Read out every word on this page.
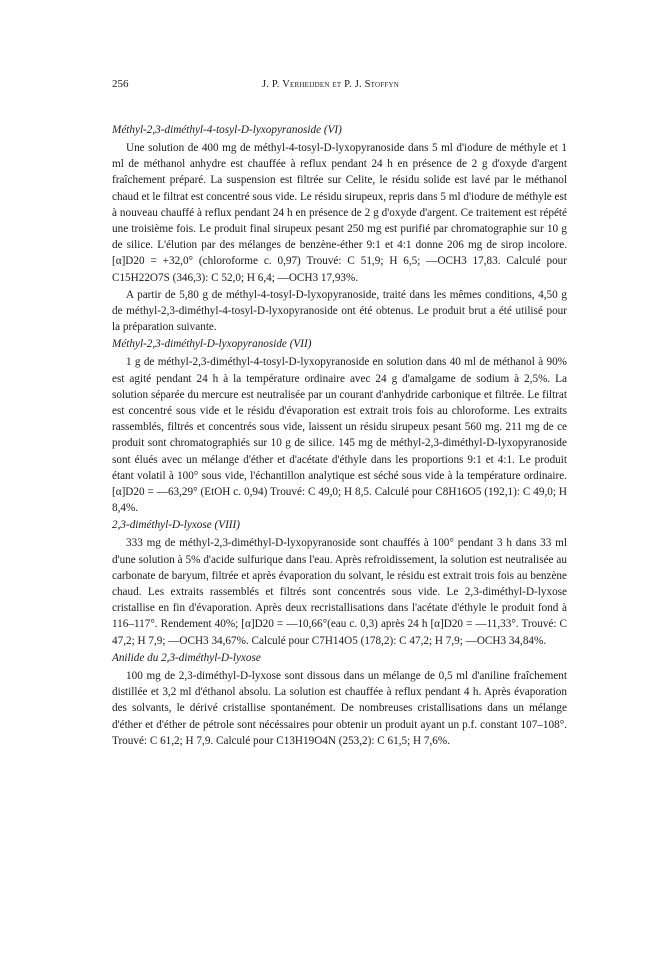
256	J. P. Verheijden et P. J. Stoffyn
Méthyl-2,3-diméthyl-4-tosyl-D-lyxopyranoside (VI)

Une solution de 400 mg de méthyl-4-tosyl-D-lyxopyranoside dans 5 ml d'iodure de méthyle et 1 ml de méthanol anhydre est chauffée à reflux pendant 24 h en présence de 2 g d'oxyde d'argent fraîchement préparé. La suspension est filtrée sur Celite, le résidu solide est lavé par le méthanol chaud et le filtrat est concentré sous vide. Le résidu sirupeux, repris dans 5 ml d'iodure de méthyle est à nouveau chauffé à reflux pendant 24 h en présence de 2 g d'oxyde d'argent. Ce traitement est répété une troisième fois. Le produit final sirupeux pesant 250 mg est purifié par chromatographie sur 10 g de silice. L'élution par des mélanges de benzène-éther 9:1 et 4:1 donne 206 mg de sirop incolore. [α]D20 = +32,0° (chloroforme c. 0,97) Trouvé: C 51,9; H 6,5; —OCH3 17,83. Calculé pour C15H22O7S (346,3): C 52,0; H 6,4; —OCH3 17,93%.

A partir de 5,80 g de méthyl-4-tosyl-D-lyxopyranoside, traité dans les mêmes conditions, 4,50 g de méthyl-2,3-diméthyl-4-tosyl-D-lyxopyranoside ont été obtenus. Le produit brut a été utilisé pour la préparation suivante.

Méthyl-2,3-diméthyl-D-lyxopyranoside (VII)

1 g de méthyl-2,3-diméthyl-4-tosyl-D-lyxopyranoside en solution dans 40 ml de méthanol à 90% est agité pendant 24 h à la température ordinaire avec 24 g d'amalgame de sodium à 2,5%. La solution séparée du mercure est neutralisée par un courant d'anhydride carbonique et filtrée. Le filtrat est concentré sous vide et le résidu d'évaporation est extrait trois fois au chloroforme. Les extraits rassemblés, filtrés et concentrés sous vide, laissent un résidu sirupeux pesant 560 mg. 211 mg de ce produit sont chromatographiés sur 10 g de silice. 145 mg de méthyl-2,3-diméthyl-D-lyxopyranoside sont élués avec un mélange d'éther et d'acétate d'éthyle dans les proportions 9:1 et 4:1. Le produit étant volatil à 100° sous vide, l'échantillon analytique est séché sous vide à la température ordinaire. [α]D20 = —63,29° (EtOH c. 0,94) Trouvé: C 49,0; H 8,5. Calculé pour C8H16O5 (192,1): C 49,0; H 8,4%.

2,3-diméthyl-D-lyxose (VIII)

333 mg de méthyl-2,3-diméthyl-D-lyxopyranoside sont chauffés à 100° pendant 3 h dans 33 ml d'une solution à 5% d'acide sulfurique dans l'eau. Après refroidissement, la solution est neutralisée au carbonate de baryum, filtrée et après évaporation du solvant, le résidu est extrait trois fois au benzène chaud. Les extraits rassemblés et filtrés sont concentrés sous vide. Le 2,3-diméthyl-D-lyxose cristallise en fin d'évaporation. Après deux recristallisations dans l'acétate d'éthyle le produit fond à 116–117°. Rendement 40%; [α]D20 = —10,66°(eau c. 0,3) après 24 h [α]D20 = —11,33°. Trouvé: C 47,2; H 7,9; —OCH3 34,67%. Calculé pour C7H14O5 (178,2): C 47,2; H 7,9; —OCH3 34,84%.

Anilide du 2,3-diméthyl-D-lyxose

100 mg de 2,3-diméthyl-D-lyxose sont dissous dans un mélange de 0,5 ml d'aniline fraîchement distillée et 3,2 ml d'éthanol absolu. La solution est chauffée à reflux pendant 4 h. Après évaporation des solvants, le dérivé cristallise spontanément. De nombreuses cristallisations dans un mélange d'éther et d'éther de pétrole sont nécéssaires pour obtenir un produit ayant un p.f. constant 107–108°. Trouvé: C 61,2; H 7,9. Calculé pour C13H19O4N (253,2): C 61,5; H 7,6%.
